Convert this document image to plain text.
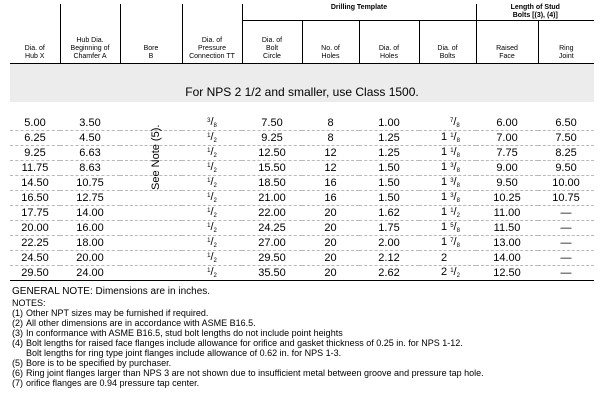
Dia. of Hub X	Hub Dia. Beginning of Chamfer A	Bore B	Dia. of Pressure Connection TT	Drilling Template				Length of Stud Bolts [(3), (4)]	
				Dia. of Bolt Circle	No. of Holes	Dia. of Holes	Dia. of Bolts	Raised Face	Ring Joint

For NPS 2 1/2 and smaller, use Class 1500.									

5.00	3.50		$^3$/8	7.50	8	1.00	$^7$/8	6.00	6.50
6.25	4.50		$^1$/2	9.25	8	1.25	1 $^1$/8	7.00	7.50
9.25	6.63		$^1$/2	12.50	12	1.25	1 $^1$/8	7.75	8.25
11.75	8.63		$^1$/2	15.50	12	1.50	1 $^3$/8	9.00	9.50
14.50	10.75		$^1$/2	18.50	16	1.50	1 $^3$/8	9.50	10.00
16.50	12.75		$^1$/2	21.00	16	1.50	1 $^3$/8	10.25	10.75
17.75	14.00		$^1$/2	22.00	20	1.62	1 $^1$/2	11.00	—
20.00	16.00		$^1$/2	24.25	20	1.75	1 $^5$/8	11.50	—
22.25	18.00		$^1$/2	27.00	20	2.00	1 $^7$/8	13.00	—
24.50	20.00		$^1$/2	29.50	20	2.12	2	14.00	—
29.50	24.00		$^1$/2	35.50	20	2.62	2 $^1$/2	12.50	—
See Note (5).
GENERAL NOTE: Dimensions are in inches.
NOTES:
(1) Other NPT sizes may be furnished if required.
(2) All other dimensions are in accordance with ASME B16.5.
(3) In conformance with ASME B16.5, stud bolt lengths do not include point heights
(4) Bolt lengths for raised face flanges include allowance for orifice and gasket thickness of 0.25 in. for NPS 1-12.
Bolt lengths for ring type joint flanges include allowance of 0.62 in. for NPS 1-3.
(5) Bore is to be specified by purchaser.
(6) Ring joint flanges larger than NPS 3 are not shown due to insufficient metal between groove and pressure tap hole.
(7) orifice flanges are 0.94 pressure tap center.
